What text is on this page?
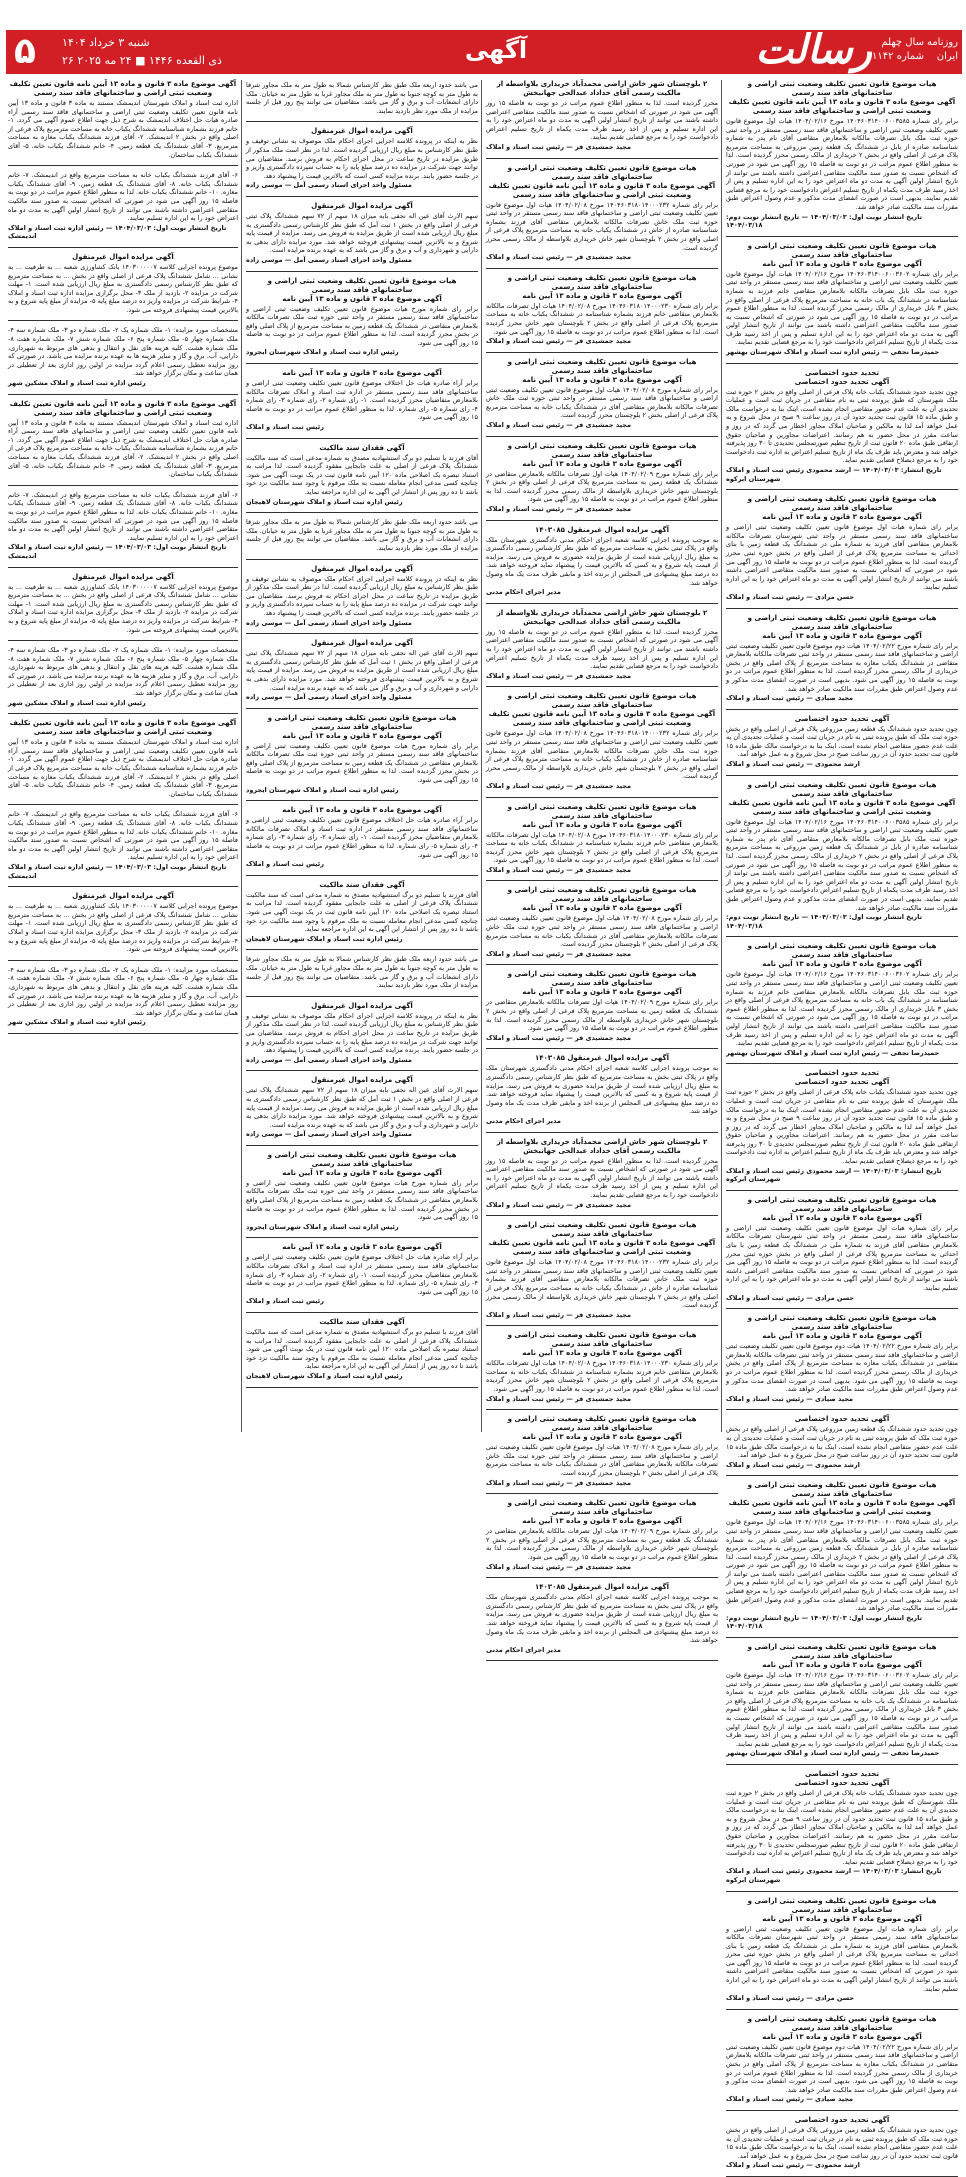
۵ شنبه ۳ خرداد ۱۴۰۴
۲۶ ذی القعده ۱۴۴۶ ■ ۲۴ مه ۲۰۲۵	آگهی	رسالت	سال چهلم
شماره ۱۱۱۴۲
روزنامه
ایران
هیات موضوع قانون تعیین تکلیف وضعیت ثبتی اراضی و ساختمانهای فاقد سند رسمی
آگهی موضوع ماده ۳ قانون و ماده ۱۳ آیین نامه قانون تعیین تکلیف وضعیت ثبتی اراضی و ساختمانهای فاقد سند رسمی
برابر رای شماره ۱۴۰۴۶۰۳۱۴۰۰۶۰۰۳۵۸۵ مورخ ۱۴۰۴/۰۲/۱۶ هیات اول موضوع قانون تعیین تکلیف وضعیت ثبتی اراضی و ساختمانهای فاقد سند رسمی مستقر در واحد ثبتی حوزه ثبت ملک بابل تصرفات مالکانه بلامعارض متقاضی آقای نام پدر به شماره شناسنامه صادره از بابل در ششدانگ یک قطعه زمین مزروعی به مساحت مترمربع پلاک فرعی از اصلی واقع در بخش ۲ خریداری از مالک رسمی محرز گردیده است. لذا به منظور اطلاع عموم مراتب در دو نوبت به فاصله ۱۵ روز آگهی می شود در صورتی که اشخاص نسبت به صدور سند مالکیت متقاضی اعتراضی داشته باشند می توانند از تاریخ انتشار اولین آگهی به مدت دو ماه اعتراض خود را به این اداره تسلیم و پس از اخذ رسید ظرف مدت یکماه از تاریخ تسلیم اعتراض دادخواست خود را به مرجع قضایی تقدیم نمایند. بدیهی است در صورت انقضای مدت مذکور و عدم وصول اعتراض طبق مقررات سند مالکیت صادر خواهد شد.
تاریخ انتشار نوبت اول: ۱۴۰۴/۰۳/۰۳ — تاریخ انتشار نوبت دوم: ۱۴۰۴/۰۳/۱۸
هیات موضوع قانون تعیین تکلیف وضعیت ثبتی اراضی و ساختمانهای فاقد سند رسمی
آگهی موضوع ماده ۳ قانون و ماده ۱۳ آیین نامه
برابر رای شماره ۱۴۰۴۶۰۳۱۴۰۰۶۰۰۳۶۰۲ مورخ ۱۴۰۴/۰۲/۱۶ هیات اول موضوع قانون تعیین تکلیف وضعیت ثبتی اراضی و ساختمانهای فاقد سند رسمی مستقر در واحد ثبتی حوزه ثبت ملک بابل تصرفات مالکانه بلامعارض متقاضی خانم فرزند به شماره شناسنامه در ششدانگ یک باب خانه به مساحت مترمربع پلاک فرعی از اصلی واقع در بخش ۳ بابل خریداری از مالک رسمی محرز گردیده است. لذا به منظور اطلاع عموم مراتب در دو نوبت به فاصله ۱۵ روز آگهی می شود در صورتی که اشخاص نسبت به صدور سند مالکیت متقاضی اعتراضی داشته باشند می توانند از تاریخ انتشار اولین آگهی به مدت دو ماه اعتراض خود را به این اداره تسلیم و پس از اخذ رسید ظرف مدت یکماه از تاریخ تسلیم اعتراض دادخواست خود را به مرجع قضایی تقدیم نمایند.
حمیدرضا نجفی — رئیس اداره ثبت اسناد و املاک شهرستان بهشهر
تحدید حدود اختصاصی
آگهی تحدید حدود اختصاصی
چون تحدید حدود ششدانگ یکباب خانه پلاک فرعی از اصلی واقع در بخش ۲ حوزه ثبت ملک شهرستان که طبق پرونده ثبتی به نام متقاضی در جریان ثبت است و عملیات تحدیدی آن به علت عدم حضور متقاضی انجام نشده است، اینک بنا به درخواست مالک و طبق ماده ۱۵ قانون ثبت تحدید حدود آن در روز ساعت ۹ صبح در محل شروع و به عمل خواهد آمد لذا به مالکین و صاحبان املاک مجاور اخطار می گردد که در روز و ساعت مقرر در محل حضور به هم رسانند. اعتراضات مجاورین و صاحبان حقوق ارتفاقی طبق ماده ۲۰ قانون ثبت از تاریخ تنظیم صورتمجلس تحدیدی تا ۳۰ روز پذیرفته خواهد شد و معترض باید ظرف یک ماه از تاریخ تسلیم اعتراض به اداره ثبت دادخواست خود را به مرجع ذیصلاح قضایی تقدیم نماید.
تاریخ انتشار: ۱۴۰۴/۰۳/۰۳ — ارشد محمودی رئیس ثبت اسناد و املاک شهرستان ابرکوه
هیات موضوع قانون تعیین تکلیف وضعیت ثبتی اراضی و ساختمانهای فاقد سند رسمی
آگهی موضوع ماده ۳ قانون و ماده ۱۳ آیین نامه
برابر رای شماره هیات اول موضوع قانون تعیین تکلیف وضعیت ثبتی اراضی و ساختمانهای فاقد سند رسمی مستقر در واحد ثبتی شهرستان تصرفات مالکانه بلامعارض متقاضی آقای فرزند به شماره ملی در ششدانگ یک قطعه زمین با بنای احداثی به مساحت مترمربع پلاک فرعی از اصلی واقع در بخش حوزه ثبتی محرز گردیده است. لذا به منظور اطلاع عموم مراتب در دو نوبت به فاصله ۱۵ روز آگهی می شود در صورتی که اشخاص نسبت به صدور سند مالکیت متقاضی اعتراضی داشته باشند می توانند از تاریخ انتشار اولین آگهی به مدت دو ماه اعتراض خود را به این اداره تسلیم نمایند.
حسن مرادی — رئیس ثبت اسناد و املاک
هیات موضوع قانون تعیین تکلیف وضعیت ثبتی اراضی و ساختمانهای فاقد سند رسمی
آگهی موضوع ماده ۳ قانون و ماده ۱۳ آیین نامه
برابر رای شماره مورخ ۱۴۰۴/۰۲/۲۲ هیات دوم موضوع قانون تعیین تکلیف وضعیت ثبتی اراضی و ساختمانهای فاقد سند رسمی مستقر در واحد ثبتی تصرفات مالکانه بلامعارض متقاضی در ششدانگ یکباب مغازه به مساحت مترمربع از پلاک اصلی واقع در بخش خریداری از مالک رسمی محرز گردیده است. لذا به منظور اطلاع عموم مراتب در دو نوبت به فاصله ۱۵ روز آگهی می شود. بدیهی است در صورت انقضای مدت مذکور و عدم وصول اعتراض طبق مقررات سند مالکیت صادر خواهد شد.
مجید صیادی — رئیس ثبت اسناد و املاک
آگهی تحدید حدود اختصاصی
چون تحدید حدود ششدانگ یک قطعه زمین مزروعی پلاک فرعی از اصلی واقع در بخش حوزه ثبت ملک که طبق پرونده ثبتی به نام در جریان ثبت است و عملیات تحدیدی آن به علت عدم حضور متقاضی انجام نشده است، اینک بنا به درخواست مالک طبق ماده ۱۵ قانون ثبت تحدید حدود آن در روز ساعت صبح در محل شروع و به عمل خواهد آمد.
ارشد محمودی — رئیس ثبت اسناد و املاک
هیات موضوع قانون تعیین تکلیف وضعیت ثبتی اراضی و ساختمانهای فاقد سند رسمی
آگهی موضوع ماده ۳ قانون و ماده ۱۳ آیین نامه قانون تعیین تکلیف وضعیت ثبتی اراضی و ساختمانهای فاقد سند رسمی
برابر رای شماره ۱۴۰۴۶۰۳۱۴۰۰۶۰۰۳۵۸۵ مورخ ۱۴۰۴/۰۲/۱۶ هیات اول موضوع قانون تعیین تکلیف وضعیت ثبتی اراضی و ساختمانهای فاقد سند رسمی مستقر در واحد ثبتی حوزه ثبت ملک بابل تصرفات مالکانه بلامعارض متقاضی آقای نام پدر به شماره شناسنامه صادره از بابل در ششدانگ یک قطعه زمین مزروعی به مساحت مترمربع پلاک فرعی از اصلی واقع در بخش ۲ خریداری از مالک رسمی محرز گردیده است. لذا به منظور اطلاع عموم مراتب در دو نوبت به فاصله ۱۵ روز آگهی می شود در صورتی که اشخاص نسبت به صدور سند مالکیت متقاضی اعتراضی داشته باشند می توانند از تاریخ انتشار اولین آگهی به مدت دو ماه اعتراض خود را به این اداره تسلیم و پس از اخذ رسید ظرف مدت یکماه از تاریخ تسلیم اعتراض دادخواست خود را به مرجع قضایی تقدیم نمایند. بدیهی است در صورت انقضای مدت مذکور و عدم وصول اعتراض طبق مقررات سند مالکیت صادر خواهد شد.
تاریخ انتشار نوبت اول: ۱۴۰۴/۰۳/۰۳ — تاریخ انتشار نوبت دوم: ۱۴۰۴/۰۳/۱۸
هیات موضوع قانون تعیین تکلیف وضعیت ثبتی اراضی و ساختمانهای فاقد سند رسمی
آگهی موضوع ماده ۳ قانون و ماده ۱۳ آیین نامه
برابر رای شماره ۱۴۰۴۶۰۳۱۴۰۰۶۰۰۳۶۰۲ مورخ ۱۴۰۴/۰۲/۱۶ هیات اول موضوع قانون تعیین تکلیف وضعیت ثبتی اراضی و ساختمانهای فاقد سند رسمی مستقر در واحد ثبتی حوزه ثبت ملک بابل تصرفات مالکانه بلامعارض متقاضی خانم فرزند به شماره شناسنامه در ششدانگ یک باب خانه به مساحت مترمربع پلاک فرعی از اصلی واقع در بخش ۳ بابل خریداری از مالک رسمی محرز گردیده است. لذا به منظور اطلاع عموم مراتب در دو نوبت به فاصله ۱۵ روز آگهی می شود در صورتی که اشخاص نسبت به صدور سند مالکیت متقاضی اعتراضی داشته باشند می توانند از تاریخ انتشار اولین آگهی به مدت دو ماه اعتراض خود را به این اداره تسلیم و پس از اخذ رسید ظرف مدت یکماه از تاریخ تسلیم اعتراض دادخواست خود را به مرجع قضایی تقدیم نمایند.
حمیدرضا نجفی — رئیس اداره ثبت اسناد و املاک شهرستان بهشهر
تحدید حدود اختصاصی
آگهی تحدید حدود اختصاصی
چون تحدید حدود ششدانگ یکباب خانه پلاک فرعی از اصلی واقع در بخش ۲ حوزه ثبت ملک شهرستان که طبق پرونده ثبتی به نام متقاضی در جریان ثبت است و عملیات تحدیدی آن به علت عدم حضور متقاضی انجام نشده است، اینک بنا به درخواست مالک و طبق ماده ۱۵ قانون ثبت تحدید حدود آن در روز ساعت ۹ صبح در محل شروع و به عمل خواهد آمد لذا به مالکین و صاحبان املاک مجاور اخطار می گردد که در روز و ساعت مقرر در محل حضور به هم رسانند. اعتراضات مجاورین و صاحبان حقوق ارتفاقی طبق ماده ۲۰ قانون ثبت از تاریخ تنظیم صورتمجلس تحدیدی تا ۳۰ روز پذیرفته خواهد شد و معترض باید ظرف یک ماه از تاریخ تسلیم اعتراض به اداره ثبت دادخواست خود را به مرجع ذیصلاح قضایی تقدیم نماید.
تاریخ انتشار: ۱۴۰۴/۰۳/۰۳ — ارشد محمودی رئیس ثبت اسناد و املاک شهرستان ابرکوه
هیات موضوع قانون تعیین تکلیف وضعیت ثبتی اراضی و ساختمانهای فاقد سند رسمی
آگهی موضوع ماده ۳ قانون و ماده ۱۳ آیین نامه
برابر رای شماره هیات اول موضوع قانون تعیین تکلیف وضعیت ثبتی اراضی و ساختمانهای فاقد سند رسمی مستقر در واحد ثبتی شهرستان تصرفات مالکانه بلامعارض متقاضی آقای فرزند به شماره ملی در ششدانگ یک قطعه زمین با بنای احداثی به مساحت مترمربع پلاک فرعی از اصلی واقع در بخش حوزه ثبتی محرز گردیده است. لذا به منظور اطلاع عموم مراتب در دو نوبت به فاصله ۱۵ روز آگهی می شود در صورتی که اشخاص نسبت به صدور سند مالکیت متقاضی اعتراضی داشته باشند می توانند از تاریخ انتشار اولین آگهی به مدت دو ماه اعتراض خود را به این اداره تسلیم نمایند.
حسن مرادی — رئیس ثبت اسناد و املاک
هیات موضوع قانون تعیین تکلیف وضعیت ثبتی اراضی و ساختمانهای فاقد سند رسمی
آگهی موضوع ماده ۳ قانون و ماده ۱۳ آیین نامه
برابر رای شماره مورخ ۱۴۰۴/۰۲/۲۲ هیات دوم موضوع قانون تعیین تکلیف وضعیت ثبتی اراضی و ساختمانهای فاقد سند رسمی مستقر در واحد ثبتی تصرفات مالکانه بلامعارض متقاضی در ششدانگ یکباب مغازه به مساحت مترمربع از پلاک اصلی واقع در بخش خریداری از مالک رسمی محرز گردیده است. لذا به منظور اطلاع عموم مراتب در دو نوبت به فاصله ۱۵ روز آگهی می شود. بدیهی است در صورت انقضای مدت مذکور و عدم وصول اعتراض طبق مقررات سند مالکیت صادر خواهد شد.
مجید صیادی — رئیس ثبت اسناد و املاک
آگهی تحدید حدود اختصاصی
چون تحدید حدود ششدانگ یک قطعه زمین مزروعی پلاک فرعی از اصلی واقع در بخش حوزه ثبت ملک که طبق پرونده ثبتی به نام در جریان ثبت است و عملیات تحدیدی آن به علت عدم حضور متقاضی انجام نشده است، اینک بنا به درخواست مالک طبق ماده ۱۵ قانون ثبت تحدید حدود آن در روز ساعت صبح در محل شروع و به عمل خواهد آمد.
ارشد محمودی — رئیس ثبت اسناد و املاک
هیات موضوع قانون تعیین تکلیف وضعیت ثبتی اراضی و ساختمانهای فاقد سند رسمی
آگهی موضوع ماده ۳ قانون و ماده ۱۳ آیین نامه قانون تعیین تکلیف وضعیت ثبتی اراضی و ساختمانهای فاقد سند رسمی
برابر رای شماره ۱۴۰۴۶۰۳۱۴۰۰۶۰۰۳۵۸۵ مورخ ۱۴۰۴/۰۲/۱۶ هیات اول موضوع قانون تعیین تکلیف وضعیت ثبتی اراضی و ساختمانهای فاقد سند رسمی مستقر در واحد ثبتی حوزه ثبت ملک بابل تصرفات مالکانه بلامعارض متقاضی آقای نام پدر به شماره شناسنامه صادره از بابل در ششدانگ یک قطعه زمین مزروعی به مساحت مترمربع پلاک فرعی از اصلی واقع در بخش ۲ خریداری از مالک رسمی محرز گردیده است. لذا به منظور اطلاع عموم مراتب در دو نوبت به فاصله ۱۵ روز آگهی می شود در صورتی که اشخاص نسبت به صدور سند مالکیت متقاضی اعتراضی داشته باشند می توانند از تاریخ انتشار اولین آگهی به مدت دو ماه اعتراض خود را به این اداره تسلیم و پس از اخذ رسید ظرف مدت یکماه از تاریخ تسلیم اعتراض دادخواست خود را به مرجع قضایی تقدیم نمایند. بدیهی است در صورت انقضای مدت مذکور و عدم وصول اعتراض طبق مقررات سند مالکیت صادر خواهد شد.
تاریخ انتشار نوبت اول: ۱۴۰۴/۰۳/۰۳ — تاریخ انتشار نوبت دوم: ۱۴۰۴/۰۳/۱۸
هیات موضوع قانون تعیین تکلیف وضعیت ثبتی اراضی و ساختمانهای فاقد سند رسمی
آگهی موضوع ماده ۳ قانون و ماده ۱۳ آیین نامه
برابر رای شماره ۱۴۰۴۶۰۳۱۴۰۰۶۰۰۳۶۰۲ مورخ ۱۴۰۴/۰۲/۱۶ هیات اول موضوع قانون تعیین تکلیف وضعیت ثبتی اراضی و ساختمانهای فاقد سند رسمی مستقر در واحد ثبتی حوزه ثبت ملک بابل تصرفات مالکانه بلامعارض متقاضی خانم فرزند به شماره شناسنامه در ششدانگ یک باب خانه به مساحت مترمربع پلاک فرعی از اصلی واقع در بخش ۳ بابل خریداری از مالک رسمی محرز گردیده است. لذا به منظور اطلاع عموم مراتب در دو نوبت به فاصله ۱۵ روز آگهی می شود در صورتی که اشخاص نسبت به صدور سند مالکیت متقاضی اعتراضی داشته باشند می توانند از تاریخ انتشار اولین آگهی به مدت دو ماه اعتراض خود را به این اداره تسلیم و پس از اخذ رسید ظرف مدت یکماه از تاریخ تسلیم اعتراض دادخواست خود را به مرجع قضایی تقدیم نمایند.
حمیدرضا نجفی — رئیس اداره ثبت اسناد و املاک شهرستان بهشهر
تحدید حدود اختصاصی
آگهی تحدید حدود اختصاصی
چون تحدید حدود ششدانگ یکباب خانه پلاک فرعی از اصلی واقع در بخش ۲ حوزه ثبت ملک شهرستان که طبق پرونده ثبتی به نام متقاضی در جریان ثبت است و عملیات تحدیدی آن به علت عدم حضور متقاضی انجام نشده است، اینک بنا به درخواست مالک و طبق ماده ۱۵ قانون ثبت تحدید حدود آن در روز ساعت ۹ صبح در محل شروع و به عمل خواهد آمد لذا به مالکین و صاحبان املاک مجاور اخطار می گردد که در روز و ساعت مقرر در محل حضور به هم رسانند. اعتراضات مجاورین و صاحبان حقوق ارتفاقی طبق ماده ۲۰ قانون ثبت از تاریخ تنظیم صورتمجلس تحدیدی تا ۳۰ روز پذیرفته خواهد شد و معترض باید ظرف یک ماه از تاریخ تسلیم اعتراض به اداره ثبت دادخواست خود را به مرجع ذیصلاح قضایی تقدیم نماید.
تاریخ انتشار: ۱۴۰۴/۰۳/۰۳ — ارشد محمودی رئیس ثبت اسناد و املاک شهرستان ابرکوه
هیات موضوع قانون تعیین تکلیف وضعیت ثبتی اراضی و ساختمانهای فاقد سند رسمی
آگهی موضوع ماده ۳ قانون و ماده ۱۳ آیین نامه
برابر رای شماره هیات اول موضوع قانون تعیین تکلیف وضعیت ثبتی اراضی و ساختمانهای فاقد سند رسمی مستقر در واحد ثبتی شهرستان تصرفات مالکانه بلامعارض متقاضی آقای فرزند به شماره ملی در ششدانگ یک قطعه زمین با بنای احداثی به مساحت مترمربع پلاک فرعی از اصلی واقع در بخش حوزه ثبتی محرز گردیده است. لذا به منظور اطلاع عموم مراتب در دو نوبت به فاصله ۱۵ روز آگهی می شود در صورتی که اشخاص نسبت به صدور سند مالکیت متقاضی اعتراضی داشته باشند می توانند از تاریخ انتشار اولین آگهی به مدت دو ماه اعتراض خود را به این اداره تسلیم نمایند.
حسن مرادی — رئیس ثبت اسناد و املاک
هیات موضوع قانون تعیین تکلیف وضعیت ثبتی اراضی و ساختمانهای فاقد سند رسمی
آگهی موضوع ماده ۳ قانون و ماده ۱۳ آیین نامه
برابر رای شماره مورخ ۱۴۰۴/۰۲/۲۲ هیات دوم موضوع قانون تعیین تکلیف وضعیت ثبتی اراضی و ساختمانهای فاقد سند رسمی مستقر در واحد ثبتی تصرفات مالکانه بلامعارض متقاضی در ششدانگ یکباب مغازه به مساحت مترمربع از پلاک اصلی واقع در بخش خریداری از مالک رسمی محرز گردیده است. لذا به منظور اطلاع عموم مراتب در دو نوبت به فاصله ۱۵ روز آگهی می شود. بدیهی است در صورت انقضای مدت مذکور و عدم وصول اعتراض طبق مقررات سند مالکیت صادر خواهد شد.
مجید صیادی — رئیس ثبت اسناد و املاک
آگهی تحدید حدود اختصاصی
چون تحدید حدود ششدانگ یک قطعه زمین مزروعی پلاک فرعی از اصلی واقع در بخش حوزه ثبت ملک که طبق پرونده ثبتی به نام در جریان ثبت است و عملیات تحدیدی آن به علت عدم حضور متقاضی انجام نشده است، اینک بنا به درخواست مالک طبق ماده ۱۵ قانون ثبت تحدید حدود آن در روز ساعت صبح در محل شروع و به عمل خواهد آمد.
ارشد محمودی — رئیس ثبت اسناد و املاک
۲ بلوچستان شهر خاش اراضی محمدآباد خریداری بلاواسطه از مالکیت رسمی آقای خداداد عبدالحی جهانبخش
محرز گردیده است. لذا به منظور اطلاع عموم مراتب در دو نوبت به فاصله ۱۵ روز آگهی می شود در صورتی که اشخاص نسبت به صدور سند مالکیت متقاضی اعتراضی داشته باشند می توانند از تاریخ انتشار اولین آگهی به مدت دو ماه اعتراض خود را به این اداره تسلیم و پس از اخذ رسید ظرف مدت یکماه از تاریخ تسلیم اعتراض دادخواست خود را به مرجع قضایی تقدیم نمایند.
مجید جمشیدی فر — رئیس ثبت اسناد و املاک
هیات موضوع قانون تعیین تکلیف وضعیت ثبتی اراضی و ساختمانهای فاقد سند رسمی
آگهی موضوع ماده ۳ قانون و ماده ۱۳ آیین نامه قانون تعیین تکلیف وضعیت ثبتی اراضی و ساختمانهای فاقد سند رسمی
برابر رای شماره ۱۴۰۴۶۰۳۱۸۰۱۴۰۰۰۲۳۲ مورخ ۱۴۰۴/۰۲/۰۸ هیات اول موضوع قانون تعیین تکلیف وضعیت ثبتی اراضی و ساختمانهای فاقد سند رسمی مستقر در واحد ثبتی حوزه ثبت ملک خاش تصرفات مالکانه بلامعارض متقاضی آقای فرزند بشماره شناسنامه صادره از خاش در ششدانگ یکباب خانه به مساحت مترمربع پلاک فرعی از اصلی واقع در بخش ۲ بلوچستان شهر خاش خریداری بلاواسطه از مالک رسمی محرز گردیده است.
مجید جمشیدی فر — رئیس ثبت اسناد و املاک
هیات موضوع قانون تعیین تکلیف وضعیت ثبتی اراضی و ساختمانهای فاقد سند رسمی
آگهی موضوع ماده ۳ قانون و ماده ۱۳ آیین نامه
برابر رای شماره ۱۴۰۴۶۰۳۱۸۰۱۴۰۰۰۲۳۰ مورخ ۱۴۰۴/۰۲/۰۸ هیات اول تصرفات مالکانه بلامعارض متقاضی خانم فرزند بشماره شناسنامه در ششدانگ یکباب خانه به مساحت مترمربع پلاک فرعی از اصلی واقع در بخش ۲ بلوچستان شهر خاش محرز گردیده است. لذا به منظور اطلاع عموم مراتب در دو نوبت به فاصله ۱۵ روز آگهی می شود.
مجید جمشیدی فر — رئیس ثبت اسناد و املاک
هیات موضوع قانون تعیین تکلیف وضعیت ثبتی اراضی و ساختمانهای فاقد سند رسمی
آگهی موضوع ماده ۳ قانون و ماده ۱۳ آیین نامه
برابر رای شماره مورخ ۱۴۰۴/۰۲/۰۸ هیات اول موضوع قانون تعیین تکلیف وضعیت ثبتی اراضی و ساختمانهای فاقد سند رسمی مستقر در واحد ثبتی حوزه ثبت ملک خاش تصرفات مالکانه بلامعارض متقاضی آقای در ششدانگ یکباب خانه به مساحت مترمربع پلاک فرعی از اصلی بخش ۲ بلوچستان محرز گردیده است.
مجید جمشیدی فر — رئیس ثبت اسناد و املاک
هیات موضوع قانون تعیین تکلیف وضعیت ثبتی اراضی و ساختمانهای فاقد سند رسمی
آگهی موضوع ماده ۳ قانون و ماده ۱۳ آیین نامه
برابر رای شماره مورخ ۱۴۰۴/۰۲/۰۹ هیات اول تصرفات مالکانه بلامعارض متقاضی در ششدانگ یک قطعه زمین به مساحت مترمربع پلاک فرعی از اصلی واقع در بخش ۲ بلوچستان شهر خاش خریداری بلاواسطه از مالک رسمی محرز گردیده است. لذا به منظور اطلاع عموم مراتب در دو نوبت به فاصله ۱۵ روز آگهی می شود.
مجید جمشیدی فر — رئیس ثبت اسناد و املاک
آگهی مزایده اموال غیرمنقول ۱۴۰۳۰۸۵
به موجب پرونده اجرایی کلاسه شعبه اجرای احکام مدنی دادگستری شهرستان ملک واقع در پلاک ثبتی بخش به مساحت مترمربع که طبق نظر کارشناس رسمی دادگستری به مبلغ ریال ارزیابی شده است از طریق مزایده حضوری به فروش می رسد. مزایده از قیمت پایه شروع و به کسی که بالاترین قیمت را پیشنهاد نماید فروخته خواهد شد. ده درصد مبلغ پیشنهادی فی المجلس از برنده اخذ و مابقی ظرف مدت یک ماه وصول خواهد شد.
مدیر اجرای احکام مدنی
۲ بلوچستان شهر خاش اراضی محمدآباد خریداری بلاواسطه از مالکیت رسمی آقای خداداد عبدالحی جهانبخش
محرز گردیده است. لذا به منظور اطلاع عموم مراتب در دو نوبت به فاصله ۱۵ روز آگهی می شود در صورتی که اشخاص نسبت به صدور سند مالکیت متقاضی اعتراضی داشته باشند می توانند از تاریخ انتشار اولین آگهی به مدت دو ماه اعتراض خود را به این اداره تسلیم و پس از اخذ رسید ظرف مدت یکماه از تاریخ تسلیم اعتراض دادخواست خود را به مرجع قضایی تقدیم نمایند.
مجید جمشیدی فر — رئیس ثبت اسناد و املاک
هیات موضوع قانون تعیین تکلیف وضعیت ثبتی اراضی و ساختمانهای فاقد سند رسمی
آگهی موضوع ماده ۳ قانون و ماده ۱۳ آیین نامه قانون تعیین تکلیف وضعیت ثبتی اراضی و ساختمانهای فاقد سند رسمی
برابر رای شماره ۱۴۰۴۶۰۳۱۸۰۱۴۰۰۰۲۳۲ مورخ ۱۴۰۴/۰۲/۰۸ هیات اول موضوع قانون تعیین تکلیف وضعیت ثبتی اراضی و ساختمانهای فاقد سند رسمی مستقر در واحد ثبتی حوزه ثبت ملک خاش تصرفات مالکانه بلامعارض متقاضی آقای فرزند بشماره شناسنامه صادره از خاش در ششدانگ یکباب خانه به مساحت مترمربع پلاک فرعی از اصلی واقع در بخش ۲ بلوچستان شهر خاش خریداری بلاواسطه از مالک رسمی محرز گردیده است.
مجید جمشیدی فر — رئیس ثبت اسناد و املاک
هیات موضوع قانون تعیین تکلیف وضعیت ثبتی اراضی و ساختمانهای فاقد سند رسمی
آگهی موضوع ماده ۳ قانون و ماده ۱۳ آیین نامه
برابر رای شماره ۱۴۰۴۶۰۳۱۸۰۱۴۰۰۰۲۳۰ مورخ ۱۴۰۴/۰۲/۰۸ هیات اول تصرفات مالکانه بلامعارض متقاضی خانم فرزند بشماره شناسنامه در ششدانگ یکباب خانه به مساحت مترمربع پلاک فرعی از اصلی واقع در بخش ۲ بلوچستان شهر خاش محرز گردیده است. لذا به منظور اطلاع عموم مراتب در دو نوبت به فاصله ۱۵ روز آگهی می شود.
مجید جمشیدی فر — رئیس ثبت اسناد و املاک
هیات موضوع قانون تعیین تکلیف وضعیت ثبتی اراضی و ساختمانهای فاقد سند رسمی
آگهی موضوع ماده ۳ قانون و ماده ۱۳ آیین نامه
برابر رای شماره مورخ ۱۴۰۴/۰۲/۰۸ هیات اول موضوع قانون تعیین تکلیف وضعیت ثبتی اراضی و ساختمانهای فاقد سند رسمی مستقر در واحد ثبتی حوزه ثبت ملک خاش تصرفات مالکانه بلامعارض متقاضی آقای در ششدانگ یکباب خانه به مساحت مترمربع پلاک فرعی از اصلی بخش ۲ بلوچستان محرز گردیده است.
مجید جمشیدی فر — رئیس ثبت اسناد و املاک
هیات موضوع قانون تعیین تکلیف وضعیت ثبتی اراضی و ساختمانهای فاقد سند رسمی
آگهی موضوع ماده ۳ قانون و ماده ۱۳ آیین نامه
برابر رای شماره مورخ ۱۴۰۴/۰۲/۰۹ هیات اول تصرفات مالکانه بلامعارض متقاضی در ششدانگ یک قطعه زمین به مساحت مترمربع پلاک فرعی از اصلی واقع در بخش ۲ بلوچستان شهر خاش خریداری بلاواسطه از مالک رسمی محرز گردیده است. لذا به منظور اطلاع عموم مراتب در دو نوبت به فاصله ۱۵ روز آگهی می شود.
مجید جمشیدی فر — رئیس ثبت اسناد و املاک
آگهی مزایده اموال غیرمنقول ۱۴۰۳۰۸۵
به موجب پرونده اجرایی کلاسه شعبه اجرای احکام مدنی دادگستری شهرستان ملک واقع در پلاک ثبتی بخش به مساحت مترمربع که طبق نظر کارشناس رسمی دادگستری به مبلغ ریال ارزیابی شده است از طریق مزایده حضوری به فروش می رسد. مزایده از قیمت پایه شروع و به کسی که بالاترین قیمت را پیشنهاد نماید فروخته خواهد شد. ده درصد مبلغ پیشنهادی فی المجلس از برنده اخذ و مابقی ظرف مدت یک ماه وصول خواهد شد.
مدیر اجرای احکام مدنی
۲ بلوچستان شهر خاش اراضی محمدآباد خریداری بلاواسطه از مالکیت رسمی آقای خداداد عبدالحی جهانبخش
محرز گردیده است. لذا به منظور اطلاع عموم مراتب در دو نوبت به فاصله ۱۵ روز آگهی می شود در صورتی که اشخاص نسبت به صدور سند مالکیت متقاضی اعتراضی داشته باشند می توانند از تاریخ انتشار اولین آگهی به مدت دو ماه اعتراض خود را به این اداره تسلیم و پس از اخذ رسید ظرف مدت یکماه از تاریخ تسلیم اعتراض دادخواست خود را به مرجع قضایی تقدیم نمایند.
مجید جمشیدی فر — رئیس ثبت اسناد و املاک
هیات موضوع قانون تعیین تکلیف وضعیت ثبتی اراضی و ساختمانهای فاقد سند رسمی
آگهی موضوع ماده ۳ قانون و ماده ۱۳ آیین نامه قانون تعیین تکلیف وضعیت ثبتی اراضی و ساختمانهای فاقد سند رسمی
برابر رای شماره ۱۴۰۴۶۰۳۱۸۰۱۴۰۰۰۲۳۲ مورخ ۱۴۰۴/۰۲/۰۸ هیات اول موضوع قانون تعیین تکلیف وضعیت ثبتی اراضی و ساختمانهای فاقد سند رسمی مستقر در واحد ثبتی حوزه ثبت ملک خاش تصرفات مالکانه بلامعارض متقاضی آقای فرزند بشماره شناسنامه صادره از خاش در ششدانگ یکباب خانه به مساحت مترمربع پلاک فرعی از اصلی واقع در بخش ۲ بلوچستان شهر خاش خریداری بلاواسطه از مالک رسمی محرز گردیده است.
مجید جمشیدی فر — رئیس ثبت اسناد و املاک
هیات موضوع قانون تعیین تکلیف وضعیت ثبتی اراضی و ساختمانهای فاقد سند رسمی
آگهی موضوع ماده ۳ قانون و ماده ۱۳ آیین نامه
برابر رای شماره ۱۴۰۴۶۰۳۱۸۰۱۴۰۰۰۲۳۰ مورخ ۱۴۰۴/۰۲/۰۸ هیات اول تصرفات مالکانه بلامعارض متقاضی خانم فرزند بشماره شناسنامه در ششدانگ یکباب خانه به مساحت مترمربع پلاک فرعی از اصلی واقع در بخش ۲ بلوچستان شهر خاش محرز گردیده است. لذا به منظور اطلاع عموم مراتب در دو نوبت به فاصله ۱۵ روز آگهی می شود.
مجید جمشیدی فر — رئیس ثبت اسناد و املاک
هیات موضوع قانون تعیین تکلیف وضعیت ثبتی اراضی و ساختمانهای فاقد سند رسمی
آگهی موضوع ماده ۳ قانون و ماده ۱۳ آیین نامه
برابر رای شماره مورخ ۱۴۰۴/۰۲/۰۸ هیات اول موضوع قانون تعیین تکلیف وضعیت ثبتی اراضی و ساختمانهای فاقد سند رسمی مستقر در واحد ثبتی حوزه ثبت ملک خاش تصرفات مالکانه بلامعارض متقاضی آقای در ششدانگ یکباب خانه به مساحت مترمربع پلاک فرعی از اصلی بخش ۲ بلوچستان محرز گردیده است.
مجید جمشیدی فر — رئیس ثبت اسناد و املاک
هیات موضوع قانون تعیین تکلیف وضعیت ثبتی اراضی و ساختمانهای فاقد سند رسمی
آگهی موضوع ماده ۳ قانون و ماده ۱۳ آیین نامه
برابر رای شماره مورخ ۱۴۰۴/۰۲/۰۹ هیات اول تصرفات مالکانه بلامعارض متقاضی در ششدانگ یک قطعه زمین به مساحت مترمربع پلاک فرعی از اصلی واقع در بخش ۲ بلوچستان شهر خاش خریداری بلاواسطه از مالک رسمی محرز گردیده است. لذا به منظور اطلاع عموم مراتب در دو نوبت به فاصله ۱۵ روز آگهی می شود.
مجید جمشیدی فر — رئیس ثبت اسناد و املاک
آگهی مزایده اموال غیرمنقول ۱۴۰۳۰۸۵
به موجب پرونده اجرایی کلاسه شعبه اجرای احکام مدنی دادگستری شهرستان ملک واقع در پلاک ثبتی بخش به مساحت مترمربع که طبق نظر کارشناس رسمی دادگستری به مبلغ ریال ارزیابی شده است از طریق مزایده حضوری به فروش می رسد. مزایده از قیمت پایه شروع و به کسی که بالاترین قیمت را پیشنهاد نماید فروخته خواهد شد. ده درصد مبلغ پیشنهادی فی المجلس از برنده اخذ و مابقی ظرف مدت یک ماه وصول خواهد شد.
مدیر اجرای احکام مدنی
می باشد حدود اربعه ملک طبق نظر کارشناس شمالا به طول متر به ملک مجاور شرقا به طول متر به کوچه جنوبا به طول متر به ملک مجاور غربا به طول متر به خیابان. ملک دارای انشعابات آب و برق و گاز می باشد. متقاضیان می توانند پنج روز قبل از جلسه مزایده از ملک مورد نظر بازدید نمایند.
آگهی مزایده اموال غیرمنقول
نظر به اینکه در پرونده کلاسه اجرایی اجرای احکام ملک موصوف به نشانی توقیف و طبق نظر کارشناس به مبلغ ریال ارزیابی گردیده است. لذا در نظر است ملک مذکور از طریق مزایده در تاریخ ساعت در محل اجرای احکام به فروش برسد. متقاضیان می توانند جهت شرکت در مزایده ده درصد مبلغ پایه را به حساب سپرده دادگستری واریز و در جلسه حضور یابند. برنده مزایده کسی است که بالاترین قیمت را پیشنهاد دهد.
مسئول واحد اجرای اسناد رسمی آمل — موسی زاده
آگهی مزایده اموال غیرمنقول
سهم الارث آقای عین اله نجفی بابه میزان ۱۸ سهم از ۷۲ سهم ششدانگ پلاک ثبتی فرعی از اصلی واقع در بخش ۱ ثبت آمل که طبق نظر کارشناس رسمی دادگستری به مبلغ ریال ارزیابی شده است از طریق مزایده به فروش می رسد. مزایده از قیمت پایه شروع و به بالاترین قیمت پیشنهادی فروخته خواهد شد. مورد مزایده دارای بدهی به دارایی و شهرداری و آب و برق و گاز می باشد که به عهده برنده مزایده است.
مسئول واحد اجرای اسناد رسمی آمل — موسی زاده
هیات موضوع قانون تعیین تکلیف وضعیت ثبتی اراضی و ساختمانهای فاقد سند رسمی
آگهی موضوع ماده ۳ قانون و ماده ۱۳ آیین نامه
برابر رای شماره مورخ هیات موضوع قانون تعیین تکلیف وضعیت ثبتی اراضی و ساختمانهای فاقد سند رسمی مستقر در واحد ثبتی حوزه ثبت ملک تصرفات مالکانه بلامعارض متقاضی در ششدانگ یک قطعه زمین به مساحت مترمربع از پلاک اصلی واقع در بخش محرز گردیده است. لذا به منظور اطلاع عموم مراتب در دو نوبت به فاصله ۱۵ روز آگهی می شود.
رئیس اداره ثبت اسناد و املاک شهرستان ایجرود
آگهی موضوع ماده ۳ قانون و ماده ۱۳ آیین نامه
برابر آراء صادره هیات حل اختلاف موضوع قانون تعیین تکلیف وضعیت ثبتی اراضی و ساختمانهای فاقد سند رسمی مستقر در اداره ثبت اسناد و املاک تصرفات مالکانه بلامعارض متقاضیان محرز گردیده است. ۱- رای شماره ۲- رای شماره ۳- رای شماره ۴- رای شماره ۵- رای شماره. لذا به منظور اطلاع عموم مراتب در دو نوبت به فاصله ۱۵ روز آگهی می شود.
رئیس ثبت اسناد و املاک
آگهی فقدان سند مالکیت
آقای فرزند با تسلیم دو برگ استشهادیه مصدق به شماره مدعی است که سند مالکیت ششدانگ پلاک فرعی از اصلی به علت جابجایی مفقود گردیده است. لذا مراتب به استناد تبصره یک اصلاحی ماده ۱۲۰ آیین نامه قانون ثبت در یک نوبت آگهی می شود. چنانچه کسی مدعی انجام معامله نسبت به ملک مرقوم یا وجود سند مالکیت نزد خود باشد تا ده روز پس از انتشار این آگهی به این اداره مراجعه نماید.
رئیس اداره ثبت اسناد و املاک شهرستان لاهیجان
می باشد حدود اربعه ملک طبق نظر کارشناس شمالا به طول متر به ملک مجاور شرقا به طول متر به کوچه جنوبا به طول متر به ملک مجاور غربا به طول متر به خیابان. ملک دارای انشعابات آب و برق و گاز می باشد. متقاضیان می توانند پنج روز قبل از جلسه مزایده از ملک مورد نظر بازدید نمایند.
آگهی مزایده اموال غیرمنقول
نظر به اینکه در پرونده کلاسه اجرایی اجرای احکام ملک موصوف به نشانی توقیف و طبق نظر کارشناس به مبلغ ریال ارزیابی گردیده است. لذا در نظر است ملک مذکور از طریق مزایده در تاریخ ساعت در محل اجرای احکام به فروش برسد. متقاضیان می توانند جهت شرکت در مزایده ده درصد مبلغ پایه را به حساب سپرده دادگستری واریز و در جلسه حضور یابند. برنده مزایده کسی است که بالاترین قیمت را پیشنهاد دهد.
مسئول واحد اجرای اسناد رسمی آمل — موسی زاده
آگهی مزایده اموال غیرمنقول
سهم الارث آقای عین اله نجفی بابه میزان ۱۸ سهم از ۷۲ سهم ششدانگ پلاک ثبتی فرعی از اصلی واقع در بخش ۱ ثبت آمل که طبق نظر کارشناس رسمی دادگستری به مبلغ ریال ارزیابی شده است از طریق مزایده به فروش می رسد. مزایده از قیمت پایه شروع و به بالاترین قیمت پیشنهادی فروخته خواهد شد. مورد مزایده دارای بدهی به دارایی و شهرداری و آب و برق و گاز می باشد که به عهده برنده مزایده است.
مسئول واحد اجرای اسناد رسمی آمل — موسی زاده
هیات موضوع قانون تعیین تکلیف وضعیت ثبتی اراضی و ساختمانهای فاقد سند رسمی
آگهی موضوع ماده ۳ قانون و ماده ۱۳ آیین نامه
برابر رای شماره مورخ هیات موضوع قانون تعیین تکلیف وضعیت ثبتی اراضی و ساختمانهای فاقد سند رسمی مستقر در واحد ثبتی حوزه ثبت ملک تصرفات مالکانه بلامعارض متقاضی در ششدانگ یک قطعه زمین به مساحت مترمربع از پلاک اصلی واقع در بخش محرز گردیده است. لذا به منظور اطلاع عموم مراتب در دو نوبت به فاصله ۱۵ روز آگهی می شود.
رئیس اداره ثبت اسناد و املاک شهرستان ایجرود
آگهی موضوع ماده ۳ قانون و ماده ۱۳ آیین نامه
برابر آراء صادره هیات حل اختلاف موضوع قانون تعیین تکلیف وضعیت ثبتی اراضی و ساختمانهای فاقد سند رسمی مستقر در اداره ثبت اسناد و املاک تصرفات مالکانه بلامعارض متقاضیان محرز گردیده است. ۱- رای شماره ۲- رای شماره ۳- رای شماره ۴- رای شماره ۵- رای شماره. لذا به منظور اطلاع عموم مراتب در دو نوبت به فاصله ۱۵ روز آگهی می شود.
رئیس ثبت اسناد و املاک
آگهی فقدان سند مالکیت
آقای فرزند با تسلیم دو برگ استشهادیه مصدق به شماره مدعی است که سند مالکیت ششدانگ پلاک فرعی از اصلی به علت جابجایی مفقود گردیده است. لذا مراتب به استناد تبصره یک اصلاحی ماده ۱۲۰ آیین نامه قانون ثبت در یک نوبت آگهی می شود. چنانچه کسی مدعی انجام معامله نسبت به ملک مرقوم یا وجود سند مالکیت نزد خود باشد تا ده روز پس از انتشار این آگهی به این اداره مراجعه نماید.
رئیس اداره ثبت اسناد و املاک شهرستان لاهیجان
می باشد حدود اربعه ملک طبق نظر کارشناس شمالا به طول متر به ملک مجاور شرقا به طول متر به کوچه جنوبا به طول متر به ملک مجاور غربا به طول متر به خیابان. ملک دارای انشعابات آب و برق و گاز می باشد. متقاضیان می توانند پنج روز قبل از جلسه مزایده از ملک مورد نظر بازدید نمایند.
آگهی مزایده اموال غیرمنقول
نظر به اینکه در پرونده کلاسه اجرایی اجرای احکام ملک موصوف به نشانی توقیف و طبق نظر کارشناس به مبلغ ریال ارزیابی گردیده است. لذا در نظر است ملک مذکور از طریق مزایده در تاریخ ساعت در محل اجرای احکام به فروش برسد. متقاضیان می توانند جهت شرکت در مزایده ده درصد مبلغ پایه را به حساب سپرده دادگستری واریز و در جلسه حضور یابند. برنده مزایده کسی است که بالاترین قیمت را پیشنهاد دهد.
مسئول واحد اجرای اسناد رسمی آمل — موسی زاده
آگهی مزایده اموال غیرمنقول
سهم الارث آقای عین اله نجفی بابه میزان ۱۸ سهم از ۷۲ سهم ششدانگ پلاک ثبتی فرعی از اصلی واقع در بخش ۱ ثبت آمل که طبق نظر کارشناس رسمی دادگستری به مبلغ ریال ارزیابی شده است از طریق مزایده به فروش می رسد. مزایده از قیمت پایه شروع و به بالاترین قیمت پیشنهادی فروخته خواهد شد. مورد مزایده دارای بدهی به دارایی و شهرداری و آب و برق و گاز می باشد که به عهده برنده مزایده است.
مسئول واحد اجرای اسناد رسمی آمل — موسی زاده
هیات موضوع قانون تعیین تکلیف وضعیت ثبتی اراضی و ساختمانهای فاقد سند رسمی
آگهی موضوع ماده ۳ قانون و ماده ۱۳ آیین نامه
برابر رای شماره مورخ هیات موضوع قانون تعیین تکلیف وضعیت ثبتی اراضی و ساختمانهای فاقد سند رسمی مستقر در واحد ثبتی حوزه ثبت ملک تصرفات مالکانه بلامعارض متقاضی در ششدانگ یک قطعه زمین به مساحت مترمربع از پلاک اصلی واقع در بخش محرز گردیده است. لذا به منظور اطلاع عموم مراتب در دو نوبت به فاصله ۱۵ روز آگهی می شود.
رئیس اداره ثبت اسناد و املاک شهرستان ایجرود
آگهی موضوع ماده ۳ قانون و ماده ۱۳ آیین نامه
برابر آراء صادره هیات حل اختلاف موضوع قانون تعیین تکلیف وضعیت ثبتی اراضی و ساختمانهای فاقد سند رسمی مستقر در اداره ثبت اسناد و املاک تصرفات مالکانه بلامعارض متقاضیان محرز گردیده است. ۱- رای شماره ۲- رای شماره ۳- رای شماره ۴- رای شماره ۵- رای شماره. لذا به منظور اطلاع عموم مراتب در دو نوبت به فاصله ۱۵ روز آگهی می شود.
رئیس ثبت اسناد و املاک
آگهی فقدان سند مالکیت
آقای فرزند با تسلیم دو برگ استشهادیه مصدق به شماره مدعی است که سند مالکیت ششدانگ پلاک فرعی از اصلی به علت جابجایی مفقود گردیده است. لذا مراتب به استناد تبصره یک اصلاحی ماده ۱۲۰ آیین نامه قانون ثبت در یک نوبت آگهی می شود. چنانچه کسی مدعی انجام معامله نسبت به ملک مرقوم یا وجود سند مالکیت نزد خود باشد تا ده روز پس از انتشار این آگهی به این اداره مراجعه نماید.
رئیس اداره ثبت اسناد و املاک شهرستان لاهیجان
آگهی موضوع ماده ۳ قانون و ماده ۱۳ آیین نامه قانون تعیین تکلیف وضعیت ثبتی اراضی و ساختمانهای فاقد سند رسمی
اداره ثبت اسناد و املاک شهرستان اندیمشک مستند به ماده ۳ قانون و ماده ۱۳ آیین نامه قانون تعیین تکلیف وضعیت ثبتی اراضی و ساختمانهای فاقد سند رسمی آراء صادره هیات حل اختلاف اندیمشک به شرح ذیل جهت اطلاع عموم آگهی می گردد. ۱- خانم فرزند بشماره شناسنامه ششدانگ یکباب خانه به مساحت مترمربع پلاک فرعی از اصلی واقع در بخش ۲ اندیمشک. ۲- آقای فرزند ششدانگ یکباب مغازه به مساحت مترمربع. ۳- آقای ششدانگ یک قطعه زمین. ۴- خانم ششدانگ یکباب خانه. ۵- آقای ششدانگ یکباب ساختمان.
۶- آقای فرزند ششدانگ یکباب خانه به مساحت مترمربع واقع در اندیمشک. ۷- خانم ششدانگ یکباب خانه. ۸- آقای ششدانگ یک قطعه زمین. ۹- آقای ششدانگ یکباب مغازه. ۱۰- خانم ششدانگ یکباب خانه. لذا به منظور اطلاع عموم مراتب در دو نوبت به فاصله ۱۵ روز آگهی می شود در صورتی که اشخاص نسبت به صدور سند مالکیت متقاضی اعتراضی داشته باشند می توانند از تاریخ انتشار اولین آگهی به مدت دو ماه اعتراض خود را به این اداره تسلیم نمایند.
تاریخ انتشار نوبت اول: ۱۴۰۴/۰۳/۰۳ — رئیس اداره ثبت اسناد و املاک اندیمشک
آگهی مزایده اموال غیرمنقول
موضوع پرونده اجرایی کلاسه ۱۴۰۳۰۰۰۰۰۷ بانک کشاورزی شعبه ... به طرفیت ... به نشانی ... شامل ششدانگ پلاک فرعی از اصلی واقع در بخش ... به مساحت مترمربع که طبق نظر کارشناس رسمی دادگستری به مبلغ ریال ارزیابی شده است. ۱- مهلت شرکت در مزایده ۲- بازدید از ملک ۳- محل برگزاری مزایده اداره ثبت اسناد و املاک ۴- شرایط شرکت در مزایده واریز ده درصد مبلغ پایه ۵- مزایده از مبلغ پایه شروع و به بالاترین قیمت پیشنهادی فروخته می شود.
مشخصات مورد مزایده: ۱- ملک شماره یک ۲- ملک شماره دو ۳- ملک شماره سه ۴- ملک شماره چهار ۵- ملک شماره پنج ۶- ملک شماره شش ۷- ملک شماره هفت ۸- ملک شماره هشت. کلیه هزینه های نقل و انتقال و بدهی های مربوط به شهرداری، دارایی، آب، برق و گاز و سایر هزینه ها به عهده برنده مزایده می باشد. در صورتی که روز مزایده تعطیل رسمی اعلام گردد مزایده در اولین روز اداری بعد از تعطیلی در همان ساعت و مکان برگزار خواهد شد.
رئیس اداره ثبت اسناد و املاک مشکین شهر
آگهی موضوع ماده ۳ قانون و ماده ۱۳ آیین نامه قانون تعیین تکلیف وضعیت ثبتی اراضی و ساختمانهای فاقد سند رسمی
اداره ثبت اسناد و املاک شهرستان اندیمشک مستند به ماده ۳ قانون و ماده ۱۳ آیین نامه قانون تعیین تکلیف وضعیت ثبتی اراضی و ساختمانهای فاقد سند رسمی آراء صادره هیات حل اختلاف اندیمشک به شرح ذیل جهت اطلاع عموم آگهی می گردد. ۱- خانم فرزند بشماره شناسنامه ششدانگ یکباب خانه به مساحت مترمربع پلاک فرعی از اصلی واقع در بخش ۲ اندیمشک. ۲- آقای فرزند ششدانگ یکباب مغازه به مساحت مترمربع. ۳- آقای ششدانگ یک قطعه زمین. ۴- خانم ششدانگ یکباب خانه. ۵- آقای ششدانگ یکباب ساختمان.
۶- آقای فرزند ششدانگ یکباب خانه به مساحت مترمربع واقع در اندیمشک. ۷- خانم ششدانگ یکباب خانه. ۸- آقای ششدانگ یک قطعه زمین. ۹- آقای ششدانگ یکباب مغازه. ۱۰- خانم ششدانگ یکباب خانه. لذا به منظور اطلاع عموم مراتب در دو نوبت به فاصله ۱۵ روز آگهی می شود در صورتی که اشخاص نسبت به صدور سند مالکیت متقاضی اعتراضی داشته باشند می توانند از تاریخ انتشار اولین آگهی به مدت دو ماه اعتراض خود را به این اداره تسلیم نمایند.
تاریخ انتشار نوبت اول: ۱۴۰۴/۰۳/۰۳ — رئیس اداره ثبت اسناد و املاک اندیمشک
آگهی مزایده اموال غیرمنقول
موضوع پرونده اجرایی کلاسه ۱۴۰۳۰۰۰۰۰۷ بانک کشاورزی شعبه ... به طرفیت ... به نشانی ... شامل ششدانگ پلاک فرعی از اصلی واقع در بخش ... به مساحت مترمربع که طبق نظر کارشناس رسمی دادگستری به مبلغ ریال ارزیابی شده است. ۱- مهلت شرکت در مزایده ۲- بازدید از ملک ۳- محل برگزاری مزایده اداره ثبت اسناد و املاک ۴- شرایط شرکت در مزایده واریز ده درصد مبلغ پایه ۵- مزایده از مبلغ پایه شروع و به بالاترین قیمت پیشنهادی فروخته می شود.
مشخصات مورد مزایده: ۱- ملک شماره یک ۲- ملک شماره دو ۳- ملک شماره سه ۴- ملک شماره چهار ۵- ملک شماره پنج ۶- ملک شماره شش ۷- ملک شماره هفت ۸- ملک شماره هشت. کلیه هزینه های نقل و انتقال و بدهی های مربوط به شهرداری، دارایی، آب، برق و گاز و سایر هزینه ها به عهده برنده مزایده می باشد. در صورتی که روز مزایده تعطیل رسمی اعلام گردد مزایده در اولین روز اداری بعد از تعطیلی در همان ساعت و مکان برگزار خواهد شد.
رئیس اداره ثبت اسناد و املاک مشکین شهر
آگهی موضوع ماده ۳ قانون و ماده ۱۳ آیین نامه قانون تعیین تکلیف وضعیت ثبتی اراضی و ساختمانهای فاقد سند رسمی
اداره ثبت اسناد و املاک شهرستان اندیمشک مستند به ماده ۳ قانون و ماده ۱۳ آیین نامه قانون تعیین تکلیف وضعیت ثبتی اراضی و ساختمانهای فاقد سند رسمی آراء صادره هیات حل اختلاف اندیمشک به شرح ذیل جهت اطلاع عموم آگهی می گردد. ۱- خانم فرزند بشماره شناسنامه ششدانگ یکباب خانه به مساحت مترمربع پلاک فرعی از اصلی واقع در بخش ۲ اندیمشک. ۲- آقای فرزند ششدانگ یکباب مغازه به مساحت مترمربع. ۳- آقای ششدانگ یک قطعه زمین. ۴- خانم ششدانگ یکباب خانه. ۵- آقای ششدانگ یکباب ساختمان.
۶- آقای فرزند ششدانگ یکباب خانه به مساحت مترمربع واقع در اندیمشک. ۷- خانم ششدانگ یکباب خانه. ۸- آقای ششدانگ یک قطعه زمین. ۹- آقای ششدانگ یکباب مغازه. ۱۰- خانم ششدانگ یکباب خانه. لذا به منظور اطلاع عموم مراتب در دو نوبت به فاصله ۱۵ روز آگهی می شود در صورتی که اشخاص نسبت به صدور سند مالکیت متقاضی اعتراضی داشته باشند می توانند از تاریخ انتشار اولین آگهی به مدت دو ماه اعتراض خود را به این اداره تسلیم نمایند.
تاریخ انتشار نوبت اول: ۱۴۰۴/۰۳/۰۳ — رئیس اداره ثبت اسناد و املاک اندیمشک
آگهی مزایده اموال غیرمنقول
موضوع پرونده اجرایی کلاسه ۱۴۰۳۰۰۰۰۰۷ بانک کشاورزی شعبه ... به طرفیت ... به نشانی ... شامل ششدانگ پلاک فرعی از اصلی واقع در بخش ... به مساحت مترمربع که طبق نظر کارشناس رسمی دادگستری به مبلغ ریال ارزیابی شده است. ۱- مهلت شرکت در مزایده ۲- بازدید از ملک ۳- محل برگزاری مزایده اداره ثبت اسناد و املاک ۴- شرایط شرکت در مزایده واریز ده درصد مبلغ پایه ۵- مزایده از مبلغ پایه شروع و به بالاترین قیمت پیشنهادی فروخته می شود.
مشخصات مورد مزایده: ۱- ملک شماره یک ۲- ملک شماره دو ۳- ملک شماره سه ۴- ملک شماره چهار ۵- ملک شماره پنج ۶- ملک شماره شش ۷- ملک شماره هفت ۸- ملک شماره هشت. کلیه هزینه های نقل و انتقال و بدهی های مربوط به شهرداری، دارایی، آب، برق و گاز و سایر هزینه ها به عهده برنده مزایده می باشد. در صورتی که روز مزایده تعطیل رسمی اعلام گردد مزایده در اولین روز اداری بعد از تعطیلی در همان ساعت و مکان برگزار خواهد شد.
رئیس اداره ثبت اسناد و املاک مشکین شهر
